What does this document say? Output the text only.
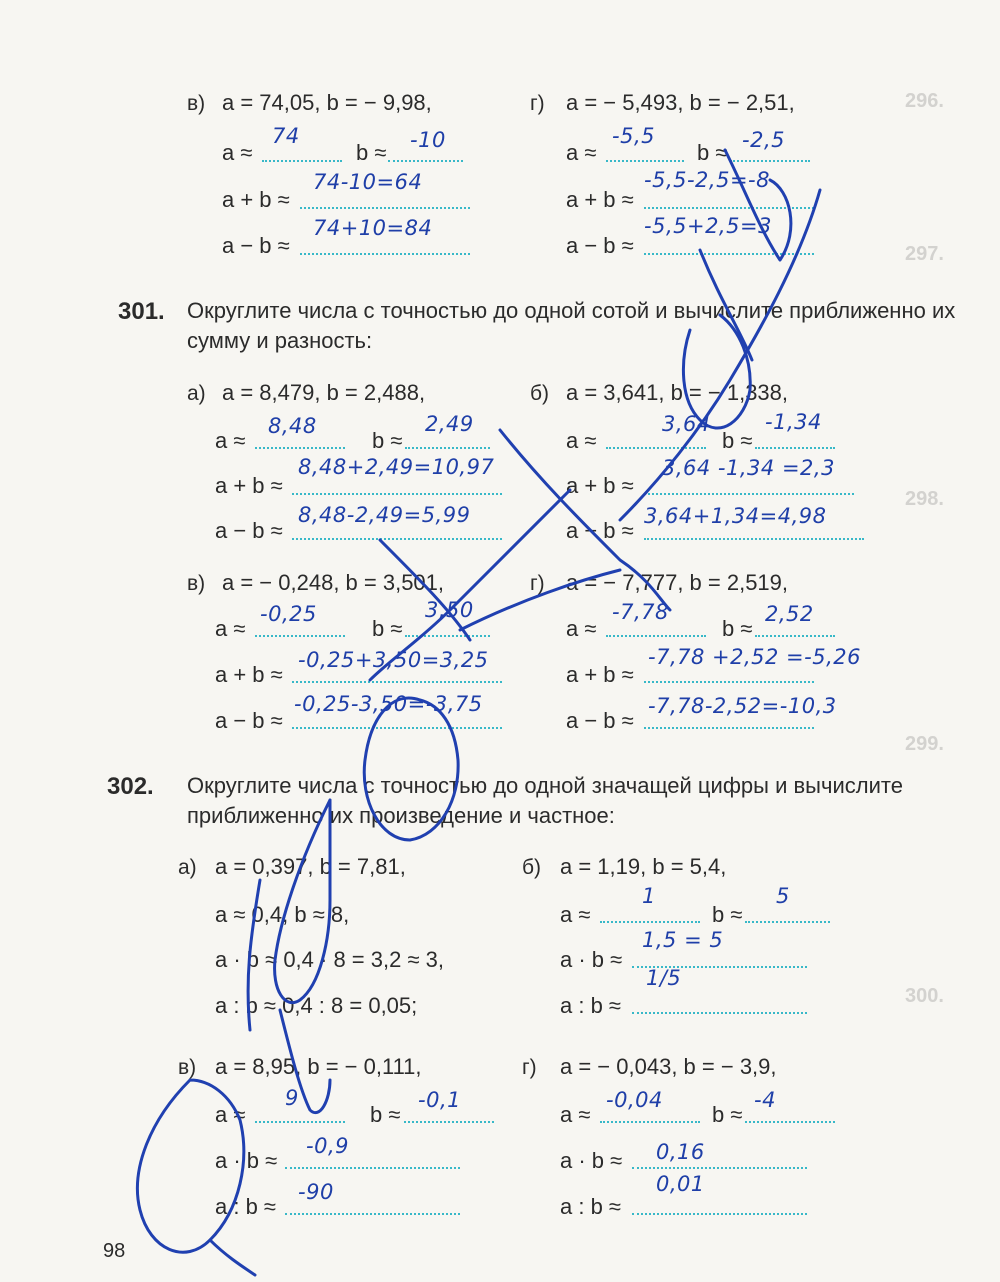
296.
297.
298.
299.
300.
в) a = 74,05, b = − 9,98,
a ≈
74
b ≈ -10
a + b ≈
74-10=64
a − b ≈
74+10=84
г) a = − 5,493, b = − 2,51,
a ≈
-5,5
b ≈ -2,5
a + b ≈
-5,5-2,5=-8
a − b ≈
-5,5+2,5=3
301. Округлите числа с точностью до одной сотой и вычислите приближенно их сумму и разность:
а) a = 8,479, b = 2,488,
a ≈
8,48
b ≈
2,49
a + b ≈
8,48+2,49=10,97
a − b ≈
8,48-2,49=5,99
б) a = 3,641, b = − 1,338,
a ≈
3,64
b ≈
-1,34
a + b ≈
3,64 -1,34 =2,3
a − b ≈
3,64+1,34=4,98
в) a = − 0,248, b = 3,501,
a ≈
-0,25
b ≈
3,50
a + b ≈
-0,25+3,50=3,25
a − b ≈
-0,25-3,50=-3,75
г) a = − 7,777, b = 2,519,
a ≈
-7,78
b ≈
2,52
a + b ≈
-7,78 +2,52 =-5,26
a − b ≈
-7,78-2,52=-10,3
302. Округлите числа с точностью до одной значащей цифры и вычислите приближенно их произведение и частное:
а) a = 0,397, b = 7,81,
a ≈ 0,4, b ≈ 8,
a · b ≈ 0,4 · 8 = 3,2 ≈ 3,
a : b ≈ 0,4 : 8 = 0,05;
б) a = 1,19, b = 5,4,
a ≈
1
b ≈
5
a · b ≈
1,5 = 5
a : b ≈
1/5
в) a = 8,95, b = − 0,111,
a ≈
9
b ≈
-0,1
a · b ≈
-0,9
a : b ≈
-90
г) a = − 0,043, b = − 3,9,
a ≈
-0,04
b ≈
-4
a · b ≈ 0,16
a : b ≈
0,01
98
